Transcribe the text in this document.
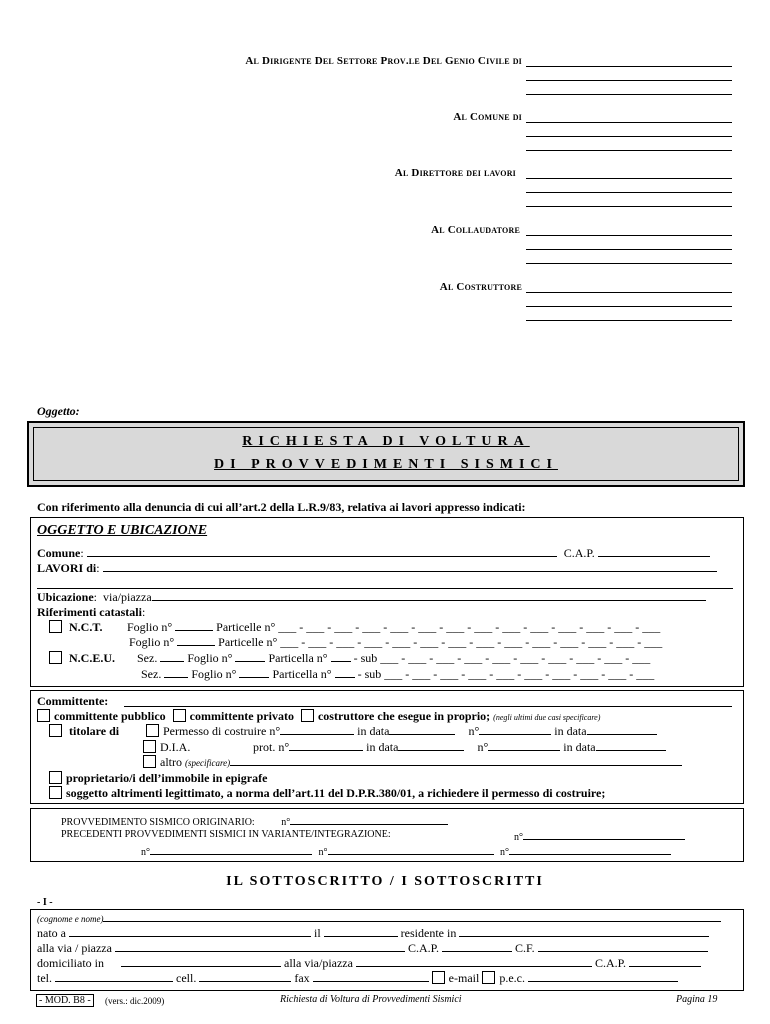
Al Dirigente Del Settore Prov.le Del Genio Civile di
Al Comune di
Al Direttore dei lavori
Al Collaudatore
Al Costruttore
Oggetto:
RICHIESTA DI VOLTURA
DI PROVVEDIMENTI SISMICI
Con riferimento alla denuncia di cui all’art.2 della L.R.9/83, relativa ai lavori appresso indicati:
OGGETTO E UBICAZIONE
Comune:	C.A.P.
LAVORI di:
Ubicazione:  via/piazza
Riferimenti catastali:
N.C.T. Foglio n°	Particelle n° ___ - ___ - ___ - ___ - ___ - ___ - ___ - ___ - ___ - ___ - ___ - ___ - ___ - ___
Foglio n°	Particelle n° ___ - ___ - ___ - ___ - ___ - ___ - ___ - ___ - ___ - ___ - ___ - ___ - ___ - ___
N.C.E.U. Sez.	Foglio n°	Particella n° - sub ___ - ___ - ___ - ___ - ___ - ___ - ___ - ___ - ___ - ___
Sez.	Foglio n°	Particella n° - sub ___ - ___ - ___ - ___ - ___ - ___ - ___ - ___ - ___ - ___
Committente:
committente pubblico committente privato costruttore che esegue in proprio; (negli ultimi due casi specificare)
titolare di	Permesso di costruire n°	in data	n°	in data
D.I.A.	prot. n°	in data	n°	in data
altro (specificare)
proprietario/i dell’immobile in epigrafe
soggetto altrimenti legittimato, a norma dell’art.11 del D.P.R.380/01, a richiedere il permesso di costruire;
PROVVEDIMENTO SISMICO ORIGINARIO:	n°
PRECEDENTI PROVVEDIMENTI SISMICI IN VARIANTE/INTEGRAZIONE:	n°
n°	n°	n°
IL SOTTOSCRITTO / I SOTTOSCRITTI
- I -
(cognome e nome)
nato a	il	residente in
alla via / piazza	C.A.P.	C.F.
domiciliato in	alla via/piazza	C.A.P.
tel.	cell.	fax	e-mail p.e.c.
- MOD. B8 -	(vers.: dic.2009)	Richiesta di Voltura di Provvedimenti Sismici	Pagina 19
